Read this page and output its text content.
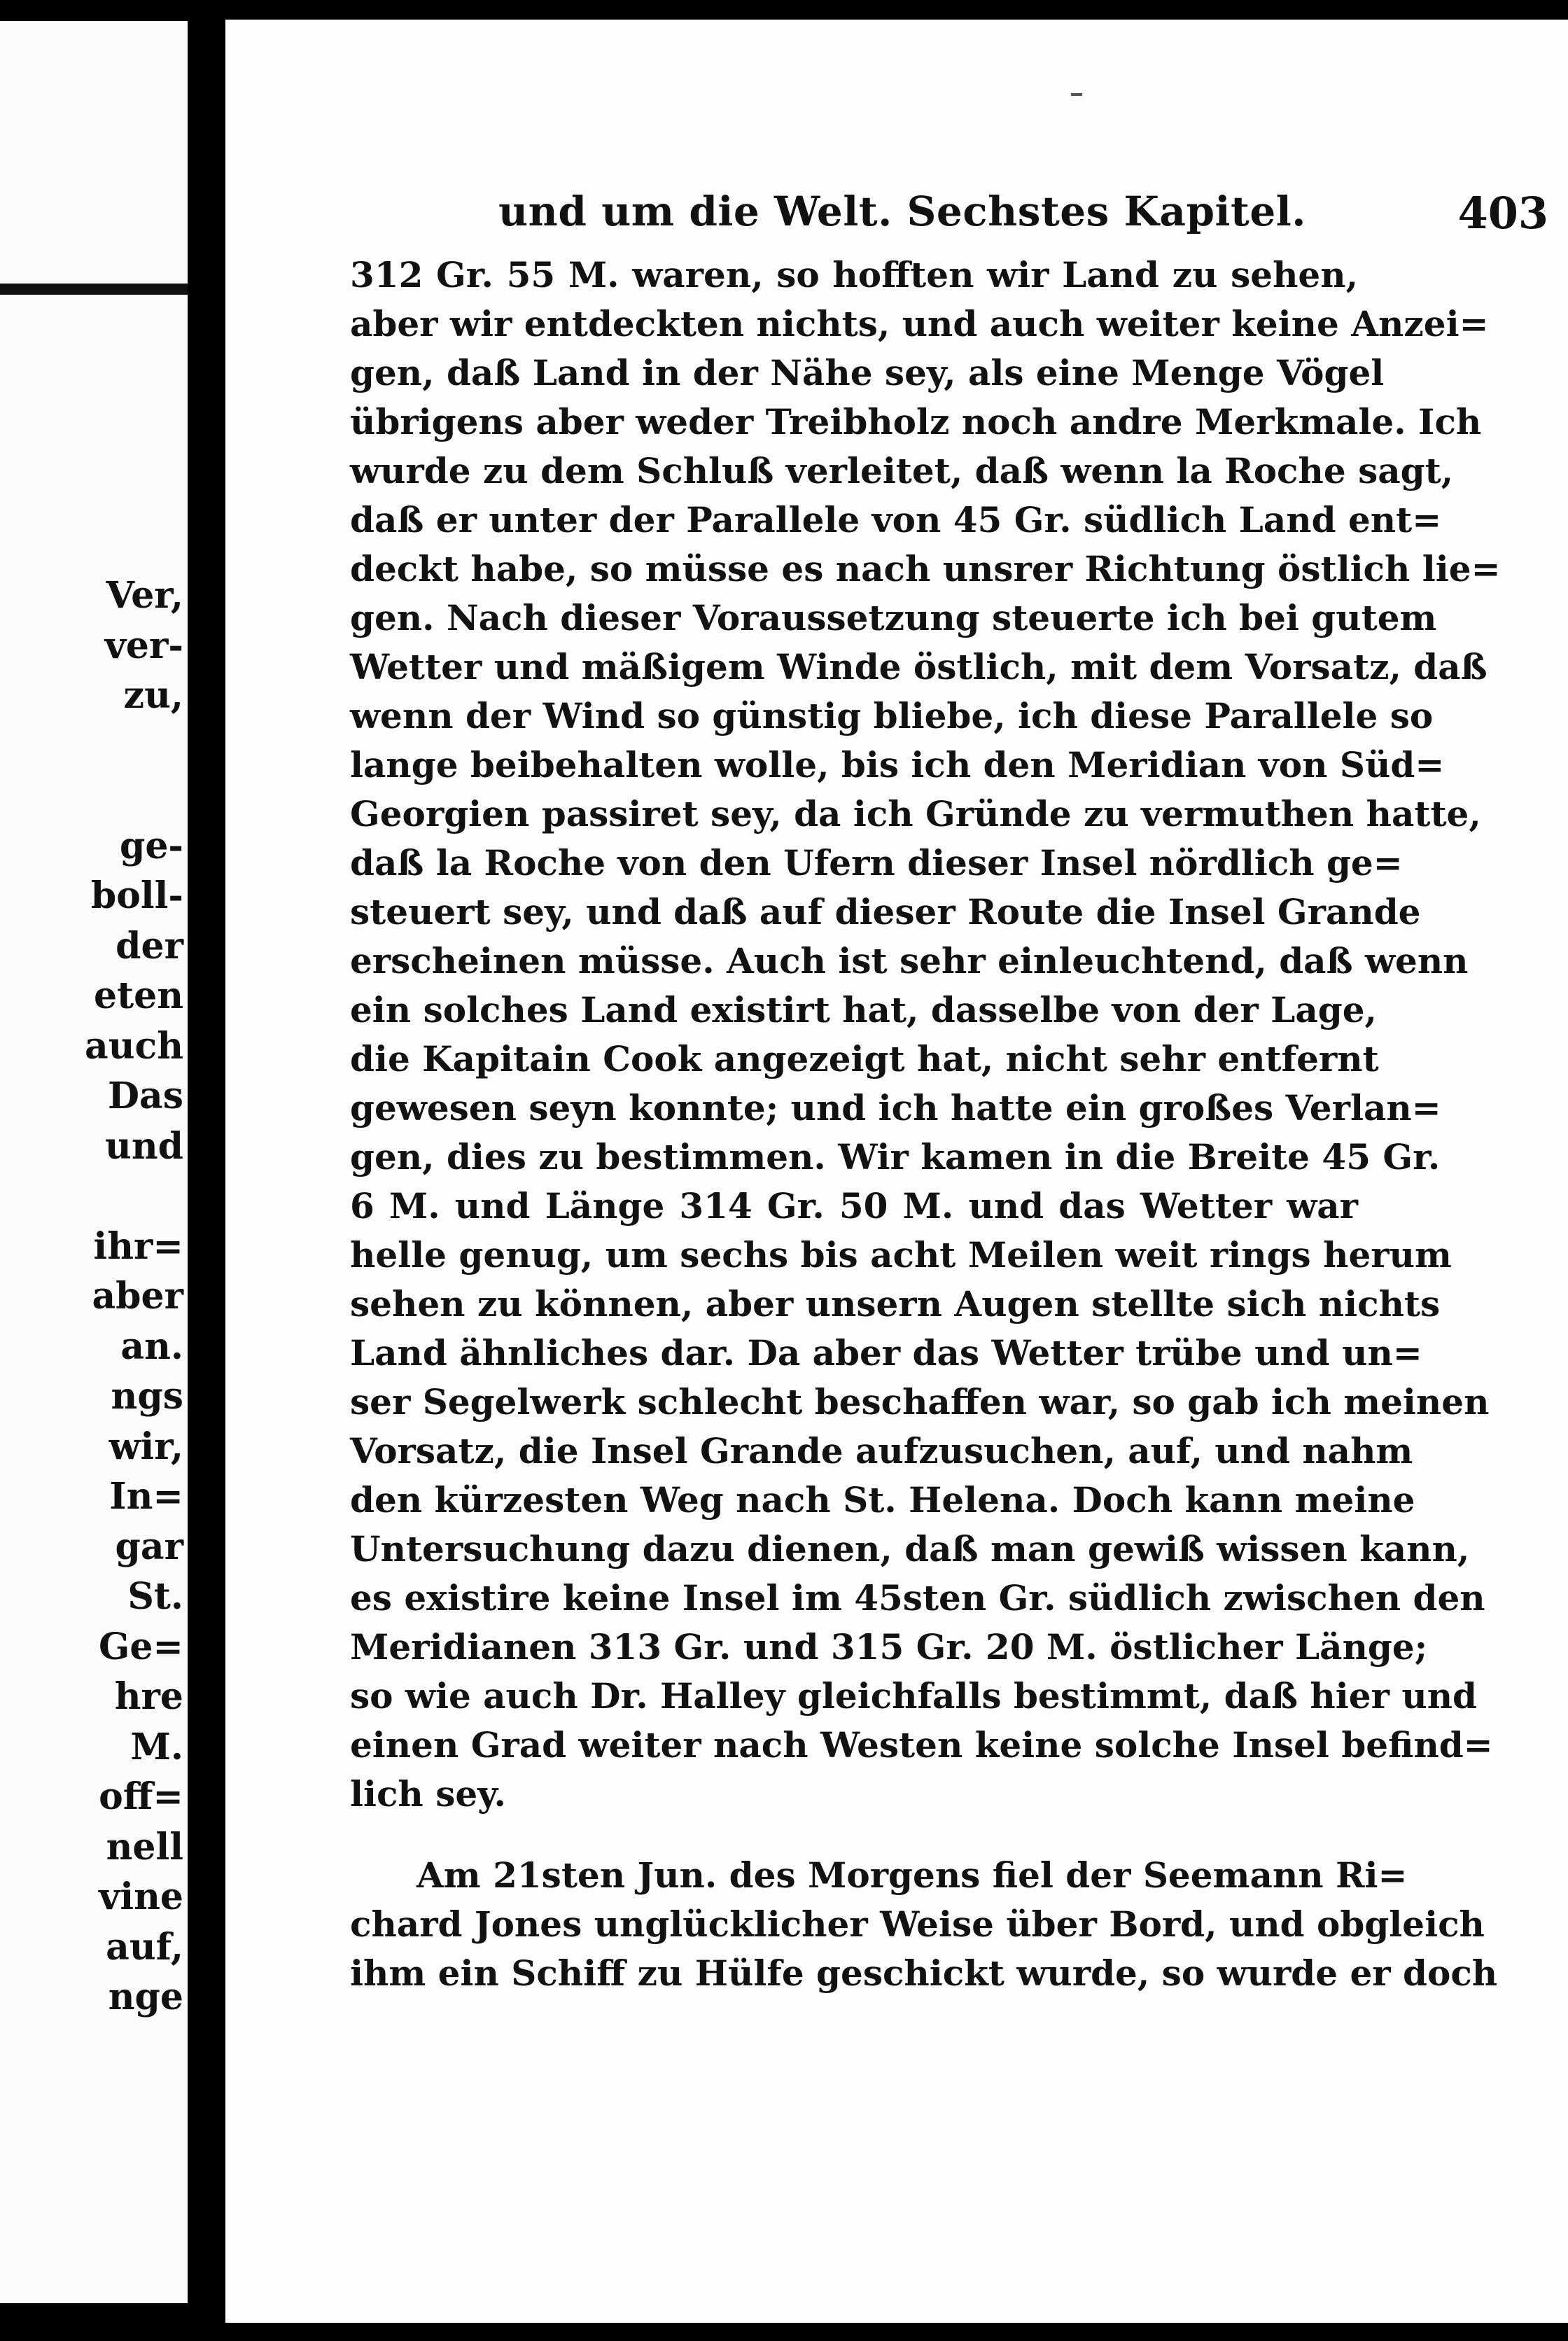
Ver,
ver-
zu,

ge-
boll-
der
eten
auch
Das
und

ihr=
aber
an.
ngs
wir,
In=
gar
St.
Ge=
hre
M.
off=
nell
vine
auf,
nge
und um die Welt. Sechstes Kapitel.	403
312 Gr. 55 M. waren, so hofften wir Land zu sehen,
aber wir entdeckten nichts, und auch weiter keine Anzei=
gen, daß Land in der Nähe sey, als eine Menge Vögel
übrigens aber weder Treibholz noch andre Merkmale. Ich
wurde zu dem Schluß verleitet, daß wenn la Roche sagt,
daß er unter der Parallele von 45 Gr. südlich Land ent=
deckt habe, so müsse es nach unsrer Richtung östlich lie=
gen. Nach dieser Voraussetzung steuerte ich bei gutem
Wetter und mäßigem Winde östlich, mit dem Vorsatz, daß
wenn der Wind so günstig bliebe, ich diese Parallele so
lange beibehalten wolle, bis ich den Meridian von Süd=
Georgien passiret sey, da ich Gründe zu vermuthen hatte,
daß la Roche von den Ufern dieser Insel nördlich ge=
steuert sey, und daß auf dieser Route die Insel Grande
erscheinen müsse. Auch ist sehr einleuchtend, daß wenn
ein solches Land existirt hat, dasselbe von der Lage,
die Kapitain Cook angezeigt hat, nicht sehr entfernt
gewesen seyn konnte; und ich hatte ein großes Verlan=
gen, dies zu bestimmen. Wir kamen in die Breite 45 Gr.
6 M. und Länge 314 Gr. 50 M. und das Wetter war
helle genug, um sechs bis acht Meilen weit rings herum
sehen zu können, aber unsern Augen stellte sich nichts
Land ähnliches dar. Da aber das Wetter trübe und un=
ser Segelwerk schlecht beschaffen war, so gab ich meinen
Vorsatz, die Insel Grande aufzusuchen, auf, und nahm
den kürzesten Weg nach St. Helena. Doch kann meine
Untersuchung dazu dienen, daß man gewiß wissen kann,
es existire keine Insel im 45sten Gr. südlich zwischen den
Meridianen 313 Gr. und 315 Gr. 20 M. östlicher Länge;
so wie auch Dr. Halley gleichfalls bestimmt, daß hier und
einen Grad weiter nach Westen keine solche Insel befind=
lich sey.
Am 21sten Jun. des Morgens fiel der Seemann Ri=
chard Jones unglücklicher Weise über Bord, und obgleich
ihm ein Schiff zu Hülfe geschickt wurde, so wurde er doch
